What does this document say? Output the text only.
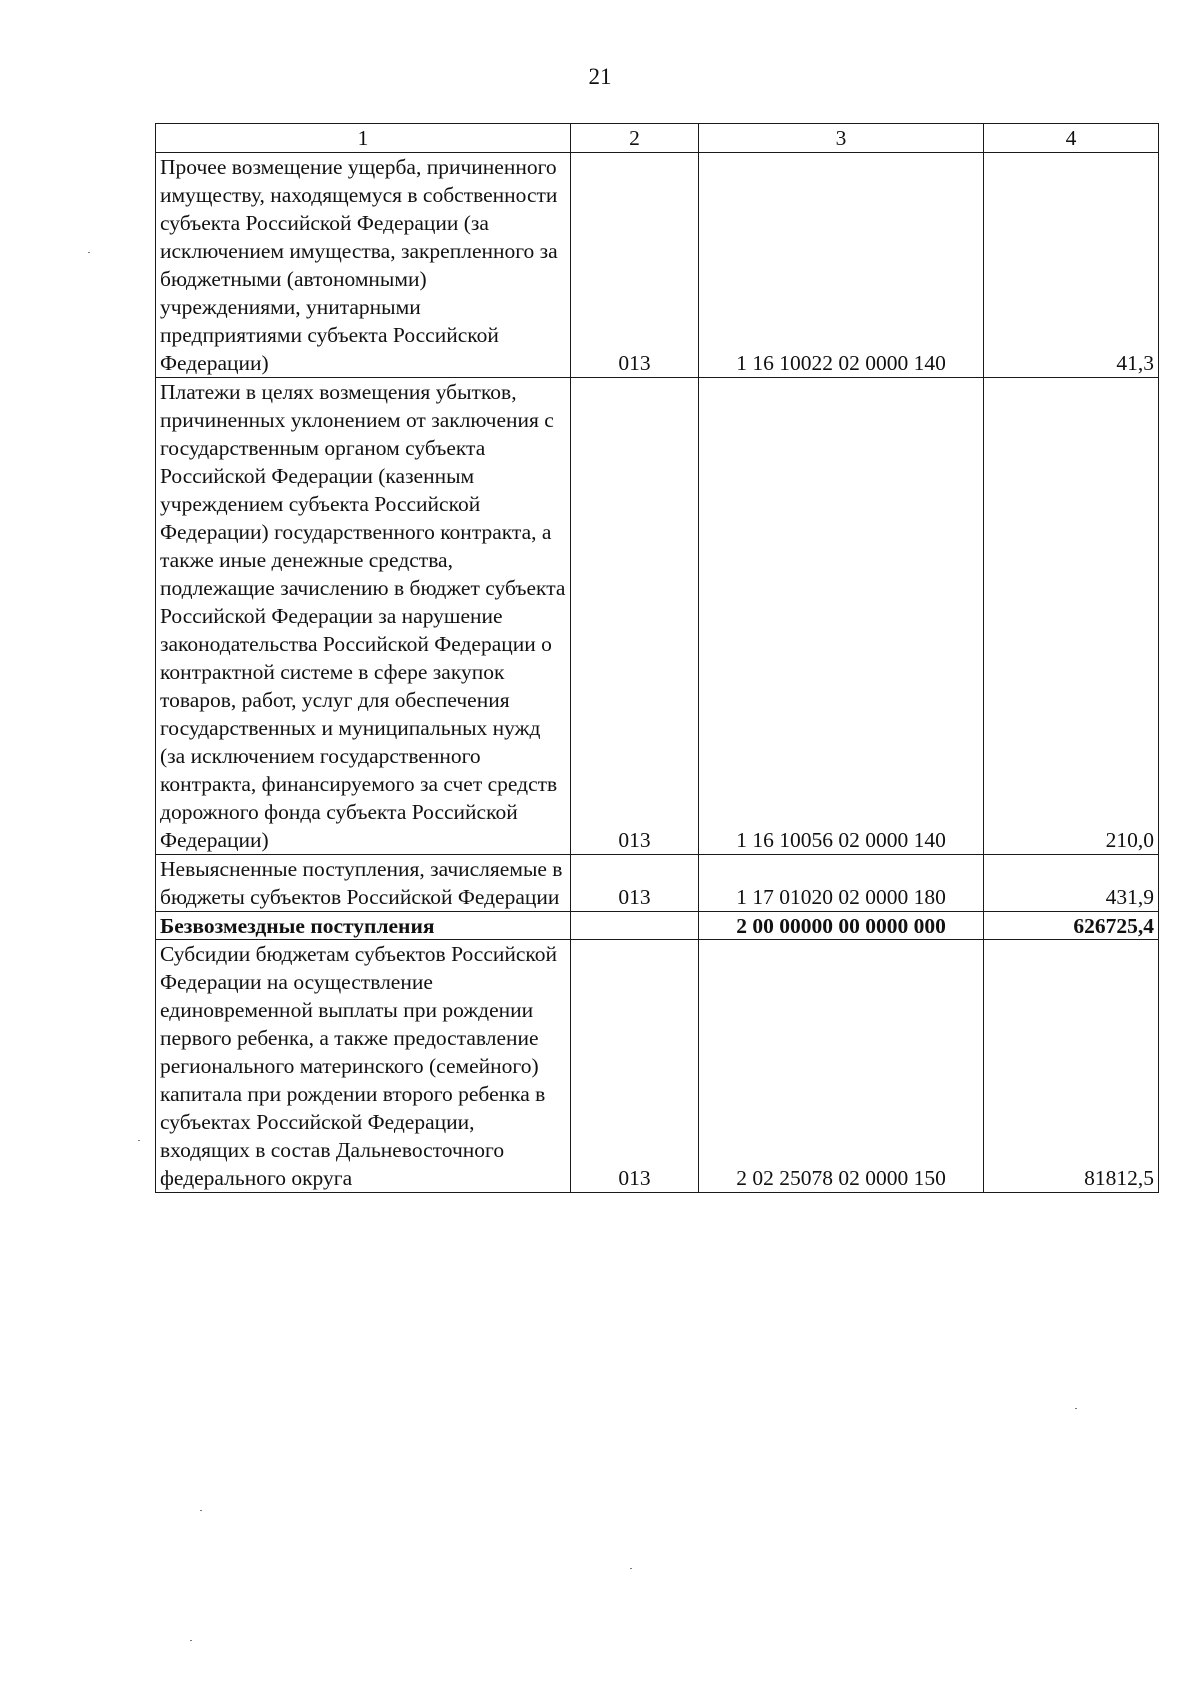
21
1	2	3	4
Прочее возмещение ущерба, причиненного имуществу, находящемуся в собственности субъекта Российской Федерации (за исключением имущества, закрепленного за бюджетными (автономными) учреждениями, унитарными предприятиями субъекта Российской Федерации)	013	1 16 10022 02 0000 140	41,3
Платежи в целях возмещения убытков, причиненных уклонением от заключения с государственным органом субъекта Российской Федерации (казенным учреждением субъекта Российской Федерации) государственного контракта, а также иные денежные средства, подлежащие зачислению в бюджет субъекта Российской Федерации за нарушение законодательства Российской Федерации о контрактной системе в сфере закупок товаров, работ, услуг для обеспечения государственных и муниципальных нужд (за исключением государственного контракта, финансируемого за счет средств дорожного фонда субъекта Российской Федерации)	013	1 16 10056 02 0000 140	210,0
Невыясненные поступления, зачисляемые в бюджеты субъектов Российской Федерации	013	1 17 01020 02 0000 180	431,9
Безвозмездные поступления		2 00 00000 00 0000 000	626725,4
Субсидии бюджетам субъектов Российской Федерации на осуществление единовременной выплаты при рождении первого ребенка, а также предоставление регионального материнского (семейного) капитала при рождении второго ребенка в субъектах Российской Федерации, входящих в состав Дальневосточного федерального округа	013	2 02 25078 02 0000 150	81812,5
